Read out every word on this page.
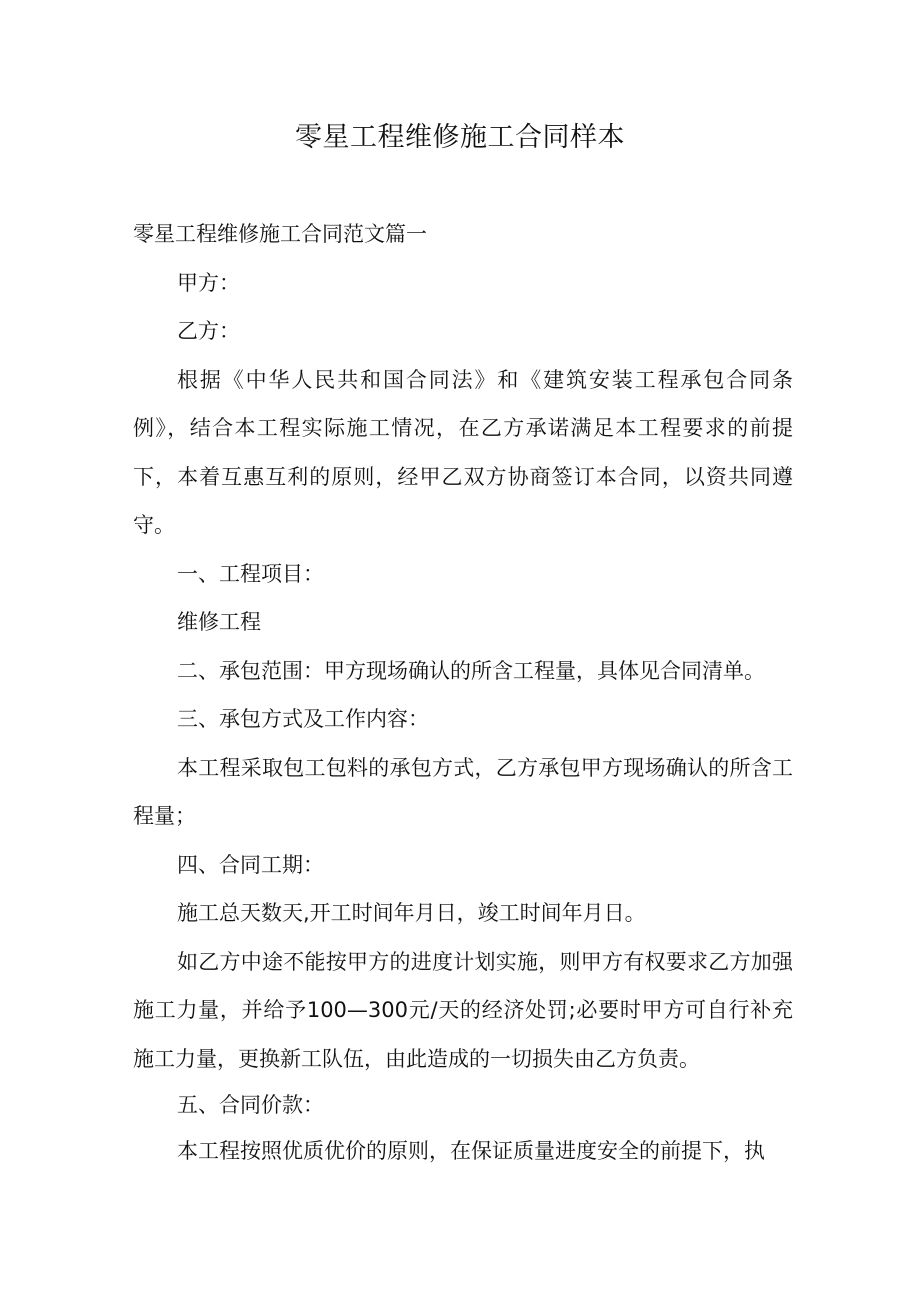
零星工程维修施工合同样本

零星工程维修施工合同范文篇一

甲方：

乙方：

根据《中华人民共和国合同法》和《建筑安装工程承包合同条例》，结合本工程实际施工情况，在乙方承诺满足本工程要求的前提下，本着互惠互利的原则，经甲乙双方协商签订本合同，以资共同遵守。

一、工程项目：

维修工程

二、承包范围：甲方现场确认的所含工程量，具体见合同清单。

三、承包方式及工作内容：

本工程采取包工包料的承包方式，乙方承包甲方现场确认的所含工程量；

四、合同工期：

施工总天数天,开工时间年月日，竣工时间年月日。

如乙方中途不能按甲方的进度计划实施，则甲方有权要求乙方加强施工力量，并给予100—300元/天的经济处罚;必要时甲方可自行补充施工力量，更换新工队伍，由此造成的一切损失由乙方负责。

五、合同价款：

本工程按照优质优价的原则，在保证质量进度安全的前提下，执
